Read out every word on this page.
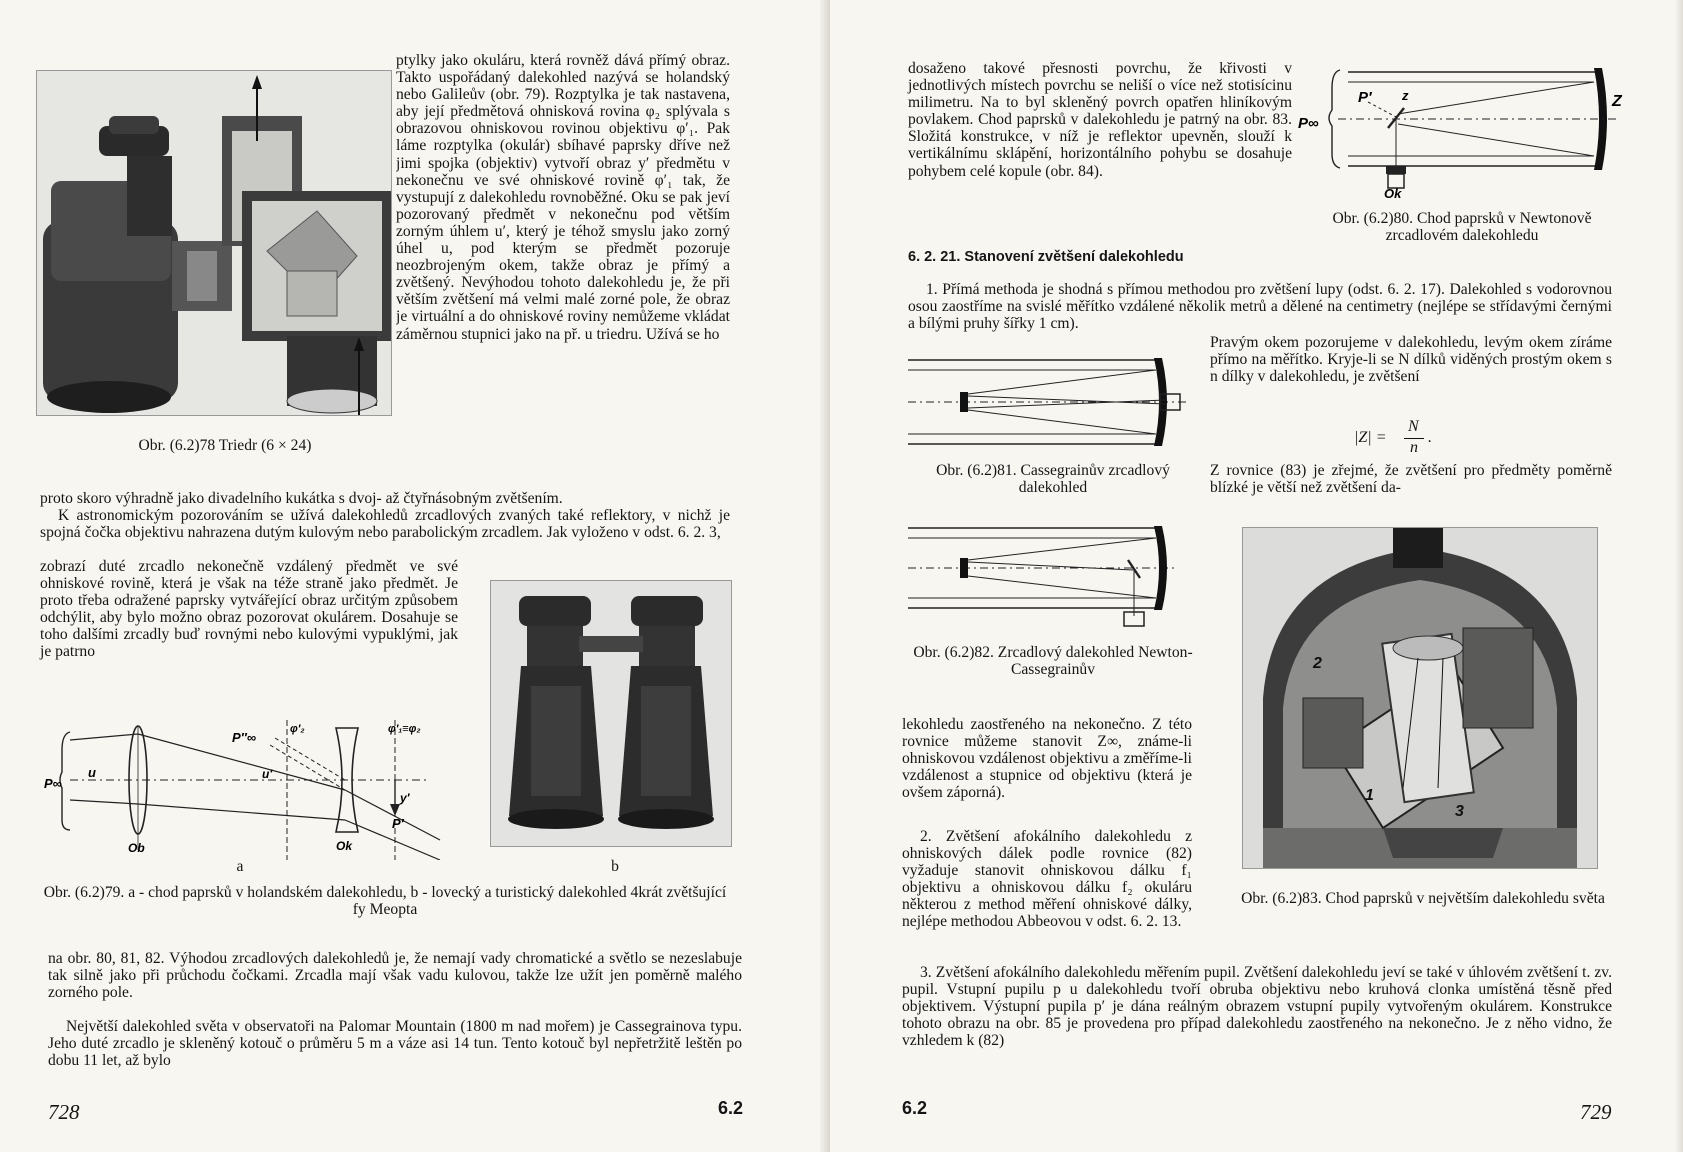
Obr. (6.2)78 Triedr (6 × 24)
ptylky jako okuláru, která rovněž dává přímý obraz. Takto uspořádaný dalekohled nazývá se holandský nebo Galileův (obr. 79). Rozptylka je tak nastavena, aby její předmětová ohnisková rovina φ₂ splývala s obrazovou ohniskovou rovinou objektivu φ′₁. Pak láme rozptylka (okulár) sbíhavé paprsky dříve než jimi spojka (objektiv) vytvoří obraz y′ předmětu v nekonečnu ve své ohniskové rovině φ′₁ tak, že vystupují z dalekohledu rovnoběžné. Oku se pak jeví pozorovaný předmět v nekonečnu pod větším zorným úhlem u′, který je téhož smyslu jako zorný úhel u, pod kterým se předmět pozoruje neozbrojeným okem, takže obraz je přímý a zvětšený. Nevýhodou tohoto dalekohledu je, že při větším zvětšení má velmi malé zorné pole, že obraz je virtuální a do ohniskové roviny nemůžeme vkládat záměrnou stupnici jako na př. u triedru. Užívá se ho
proto skoro výhradně jako divadelního kukátka s dvoj- až čtyřnásobným zvětšením.
K astronomickým pozorováním se užívá dalekohledů zrcadlových zvaných také reflektory, v nichž je spojná čočka objektivu nahrazena dutým kulovým nebo parabolickým zrcadlem. Jak vyloženo v odst. 6. 2. 3,
zobrazí duté zrcadlo nekonečně vzdálený předmět ve své ohniskové rovině, která je však na téže straně jako předmět. Je proto třeba odražené paprsky vytvářející obraz určitým způsobem odchýlit, aby bylo možno obraz pozorovat okulárem. Dosahuje se toho dalšími zrcadly buď rovnými nebo kulovými vypuklými, jak je patrno
P∞
u
Ob	Ok
P″∞
u′
φ′₂	φ′₁≡φ₂
y′
P′
a	b
Obr. (6.2)79. a - chod paprsků v holandském dalekohledu, b - lovecký a turistický dalekohled 4krát zvětšující fy Meopta
na obr. 80, 81, 82. Výhodou zrcadlových dalekohledů je, že nemají vady chromatické a světlo se nezeslabuje tak silně jako při průchodu čočkami. Zrcadla mají však vadu kulovou, takže lze užít jen poměrně malého zorného pole.
Největší dalekohled světa v observatoři na Palomar Mountain (1800 m nad mořem) je Cassegrainova typu. Jeho duté zrcadlo je skleněný kotouč o průměru 5 m a váze asi 14 tun. Tento kotouč byl nepřetržitě leštěn po dobu 11 let, až bylo
728	6.2
dosaženo takové přesnosti povrchu, že křivosti v jednotlivých místech povrchu se neliší o více než stotisícinu milimetru. Na to byl skleněný povrch opatřen hliníkovým povlakem. Chod paprsků v dalekohledu je patrný na obr. 83. Složitá konstrukce, v níž je reflektor upevněn, slouží k vertikálnímu sklápění, horizontálního pohybu se dosahuje pohybem celé kopule (obr. 84).
P∞
P′ z	Z
Ok
Obr. (6.2)80. Chod paprsků v Newtonově zrcadlovém dalekohledu
6. 2. 21. Stanovení zvětšení dalekohledu
1. Přímá methoda je shodná s přímou methodou pro zvětšení lupy (odst. 6. 2. 17). Dalekohled s vodorovnou osou zaostříme na svislé měřítko vzdálené několik metrů a dělené na centimetry (nejlépe se střídavými černými a bílými pruhy šířky 1 cm).
Obr. (6.2)81. Cassegrainův zrcadlový dalekohled
Pravým okem pozorujeme v dalekohledu, levým okem zíráme přímo na měřítko. Kryje-li se N dílků viděných prostým okem s n dílky v dalekohledu, je zvětšení
|Z| =
N
n
.
Z rovnice (83) je zřejmé, že zvětšení pro předměty poměrně blízké je větší než zvětšení da-
Obr. (6.2)82. Zrcadlový dalekohled Newton-Cassegrainův	2
1
3
Obr. (6.2)83. Chod paprsků v největším dalekohledu světa
lekohledu zaostřeného na nekonečno. Z této rovnice můžeme stanovit Z∞, známe-li ohniskovou vzdálenost objektivu a změříme-li vzdálenost a stupnice od objektivu (která je ovšem záporná).
2. Zvětšení afokálního dalekohledu z ohniskových dálek podle rovnice (82) vyžaduje stanovit ohniskovou dálku f₁ objektivu a ohniskovou dálku f₂ okuláru některou z method měření ohniskové dálky, nejlépe methodou Abbeovou v odst. 6. 2. 13.
3. Zvětšení afokálního dalekohledu měřením pupil. Zvětšení dalekohledu jeví se také v úhlovém zvětšení t. zv. pupil. Vstupní pupilu p u dalekohledu tvoří obruba objektivu nebo kruhová clonka umístěná těsně před objektivem. Výstupní pupila p′ je dána reálným obrazem vstupní pupily vytvořeným okulárem. Konstrukce tohoto obrazu na obr. 85 je provedena pro případ dalekohledu zaostřeného na nekonečno. Je z něho vidno, že vzhledem k (82)
6.2	729
